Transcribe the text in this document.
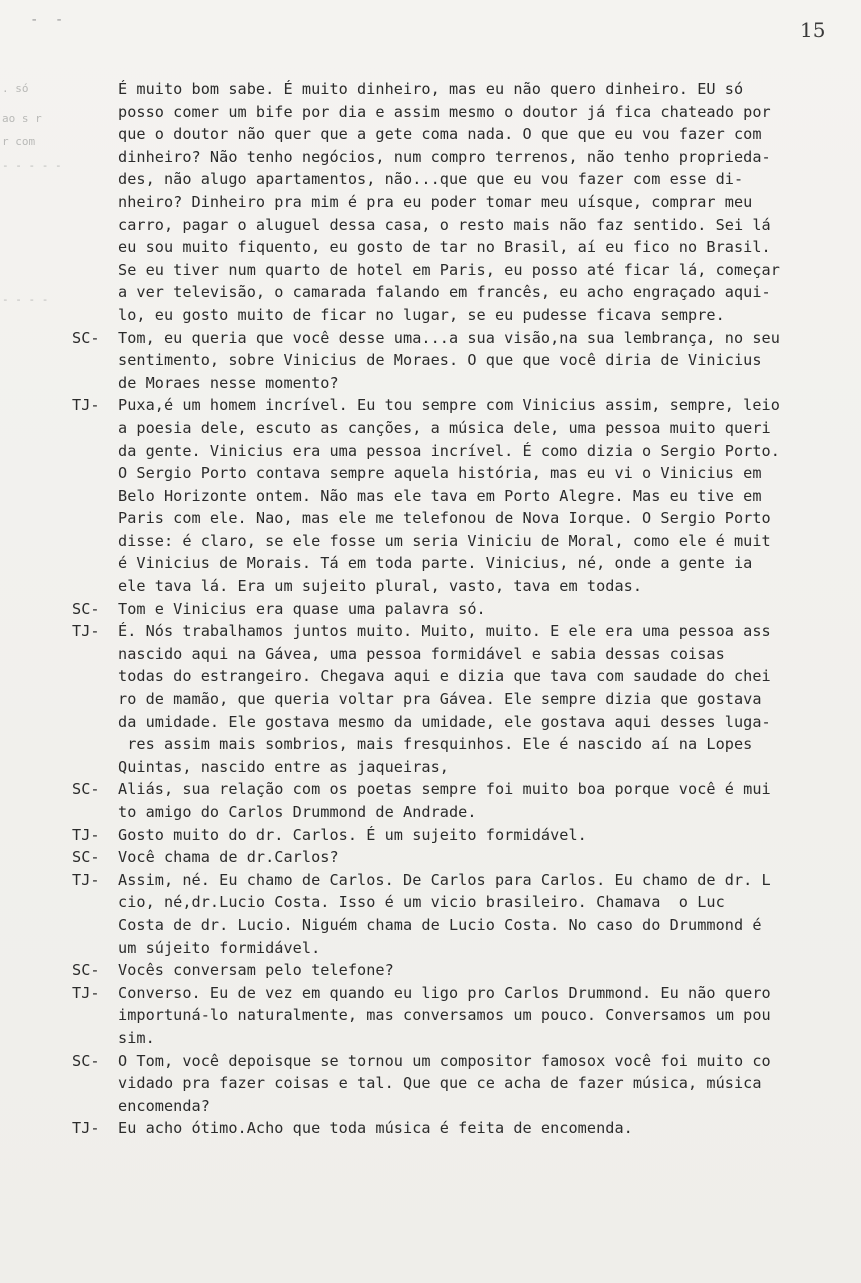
- -	15
. só
ao s r
r com
- - - - -
- - - -
É muito bom sabe. É muito dinheiro, mas eu não quero dinheiro. EU só
posso comer um bife por dia e assim mesmo o doutor já fica chateado por
que o doutor não quer que a gete coma nada. O que que eu vou fazer com
dinheiro? Não tenho negócios, num compro terrenos, não tenho proprieda-
des, não alugo apartamentos, não...que que eu vou fazer com esse di-
nheiro? Dinheiro pra mim é pra eu poder tomar meu uísque, comprar meu
carro, pagar o aluguel dessa casa, o resto mais não faz sentido. Sei lá
eu sou muito fiquento, eu gosto de tar no Brasil, aí eu fico no Brasil.
Se eu tiver num quarto de hotel em Paris, eu posso até ficar lá, começar
a ver televisão, o camarada falando em francês, eu acho engraçado aqui-
lo, eu gosto muito de ficar no lugar, se eu pudesse ficava sempre.
SC-	Tom, eu queria que você desse uma...a sua visão,na sua lembrança, no seu
sentimento, sobre Vinicius de Moraes. O que que você diria de Vinicius
de Moraes nesse momento?
TJ-	Puxa,é um homem incrível. Eu tou sempre com Vinicius assim, sempre, leio
a poesia dele, escuto as canções, a música dele, uma pessoa muito queri
da gente. Vinicius era uma pessoa incrível. É como dizia o Sergio Porto.
O Sergio Porto contava sempre aquela história, mas eu vi o Vinicius em
Belo Horizonte ontem. Não mas ele tava em Porto Alegre. Mas eu tive em
Paris com ele. Nao, mas ele me telefonou de Nova Iorque. O Sergio Porto
disse: é claro, se ele fosse um seria Viniciu de Moral, como ele é muit
é Vinicius de Morais. Tá em toda parte. Vinicius, né, onde a gente ia
ele tava lá. Era um sujeito plural, vasto, tava em todas.
SC-	Tom e Vinicius era quase uma palavra só.
TJ-	É. Nós trabalhamos juntos muito. Muito, muito. E ele era uma pessoa ass
nascido aqui na Gávea, uma pessoa formidável e sabia dessas coisas
todas do estrangeiro. Chegava aqui e dizia que tava com saudade do chei
ro de mamão, que queria voltar pra Gávea. Ele sempre dizia que gostava
da umidade. Ele gostava mesmo da umidade, ele gostava aqui desses luga-
res assim mais sombrios, mais fresquinhos. Ele é nascido aí na Lopes
Quintas, nascido entre as jaqueiras,
SC-	Aliás, sua relação com os poetas sempre foi muito boa porque você é mui
to amigo do Carlos Drummond de Andrade.
TJ-	Gosto muito do dr. Carlos. É um sujeito formidável.
SC-	Você chama de dr.Carlos?
TJ-	Assim, né. Eu chamo de Carlos. De Carlos para Carlos. Eu chamo de dr. L
cio, né,dr.Lucio Costa. Isso é um vicio brasileiro. Chamava  o Luc
Costa de dr. Lucio. Niguém chama de Lucio Costa. No caso do Drummond é
um sújeito formidável.
SC-	Vocês conversam pelo telefone?
TJ-	Converso. Eu de vez em quando eu ligo pro Carlos Drummond. Eu não quero
importuná-lo naturalmente, mas conversamos um pouco. Conversamos um pou
sim.
SC-	O Tom, você depoisque se tornou um compositor famosox você foi muito co
vidado pra fazer coisas e tal. Que que ce acha de fazer música, música
encomenda?
TJ-	Eu acho ótimo.Acho que toda música é feita de encomenda.
